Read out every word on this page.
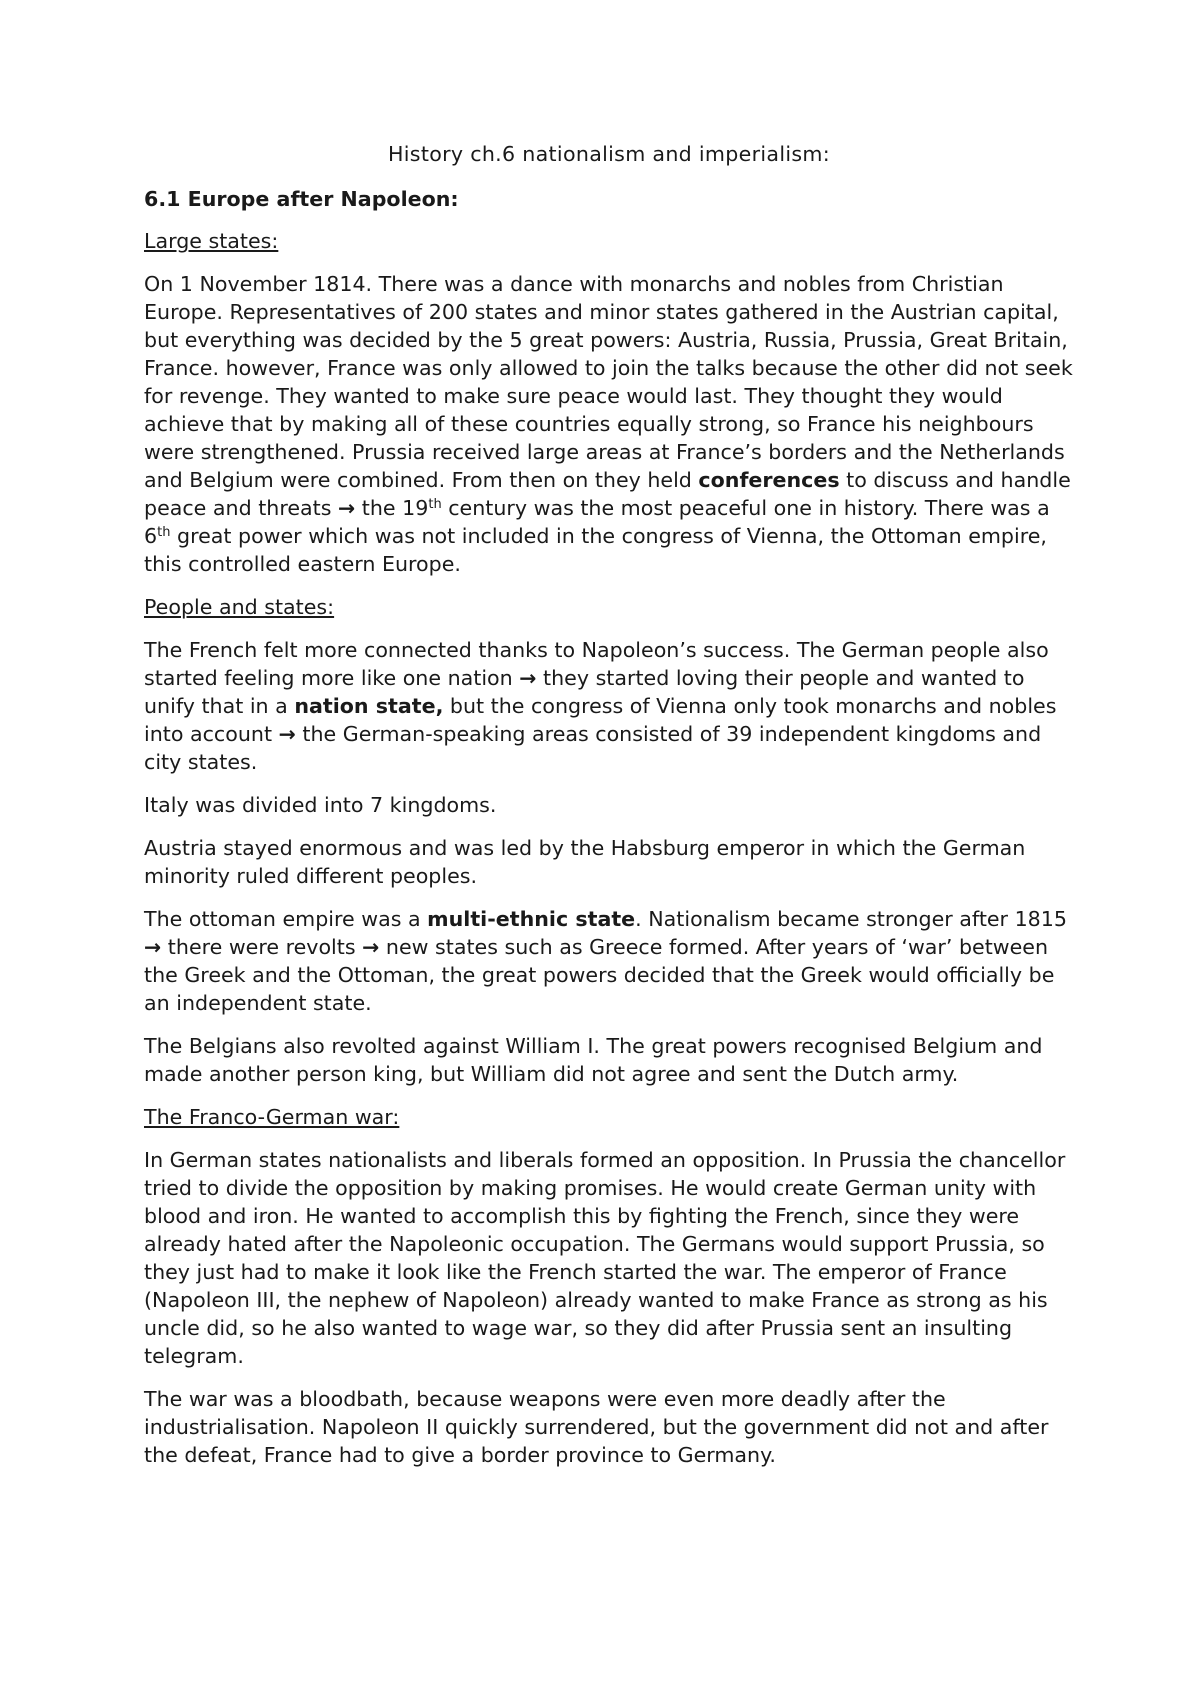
History ch.6 nationalism and imperialism:
6.1 Europe after Napoleon:
Large states:

On 1 November 1814. There was a dance with monarchs and nobles from Christian Europe. Representatives of 200 states and minor states gathered in the Austrian capital, but everything was decided by the 5 great powers: Austria, Russia, Prussia, Great Britain, France. however, France was only allowed to join the talks because the other did not seek for revenge. They wanted to make sure peace would last. They thought they would achieve that by making all of these countries equally strong, so France his neighbours were strengthened. Prussia received large areas at France’s borders and the Netherlands and Belgium were combined. From then on they held conferences to discuss and handle peace and threats → the 19th century was the most peaceful one in history. There was a 6th great power which was not included in the congress of Vienna, the Ottoman empire, this controlled eastern Europe.

People and states:

The French felt more connected thanks to Napoleon’s success. The German people also started feeling more like one nation → they started loving their people and wanted to unify that in a nation state, but the congress of Vienna only took monarchs and nobles into account → the German-speaking areas consisted of 39 independent kingdoms and city states.

Italy was divided into 7 kingdoms.

Austria stayed enormous and was led by the Habsburg emperor in which the German minority ruled different peoples.

The ottoman empire was a multi-ethnic state. Nationalism became stronger after 1815 → there were revolts → new states such as Greece formed. After years of ‘war’ between the Greek and the Ottoman, the great powers decided that the Greek would officially be an independent state.

The Belgians also revolted against William I. The great powers recognised Belgium and made another person king, but William did not agree and sent the Dutch army.

The Franco-German war:

In German states nationalists and liberals formed an opposition. In Prussia the chancellor tried to divide the opposition by making promises. He would create German unity with blood and iron. He wanted to accomplish this by fighting the French, since they were already hated after the Napoleonic occupation. The Germans would support Prussia, so they just had to make it look like the French started the war. The emperor of France (Napoleon III, the nephew of Napoleon) already wanted to make France as strong as his uncle did, so he also wanted to wage war, so they did after Prussia sent an insulting telegram.

The war was a bloodbath, because weapons were even more deadly after the industrialisation. Napoleon II quickly surrendered, but the government did not and after the defeat, France had to give a border province to Germany.
